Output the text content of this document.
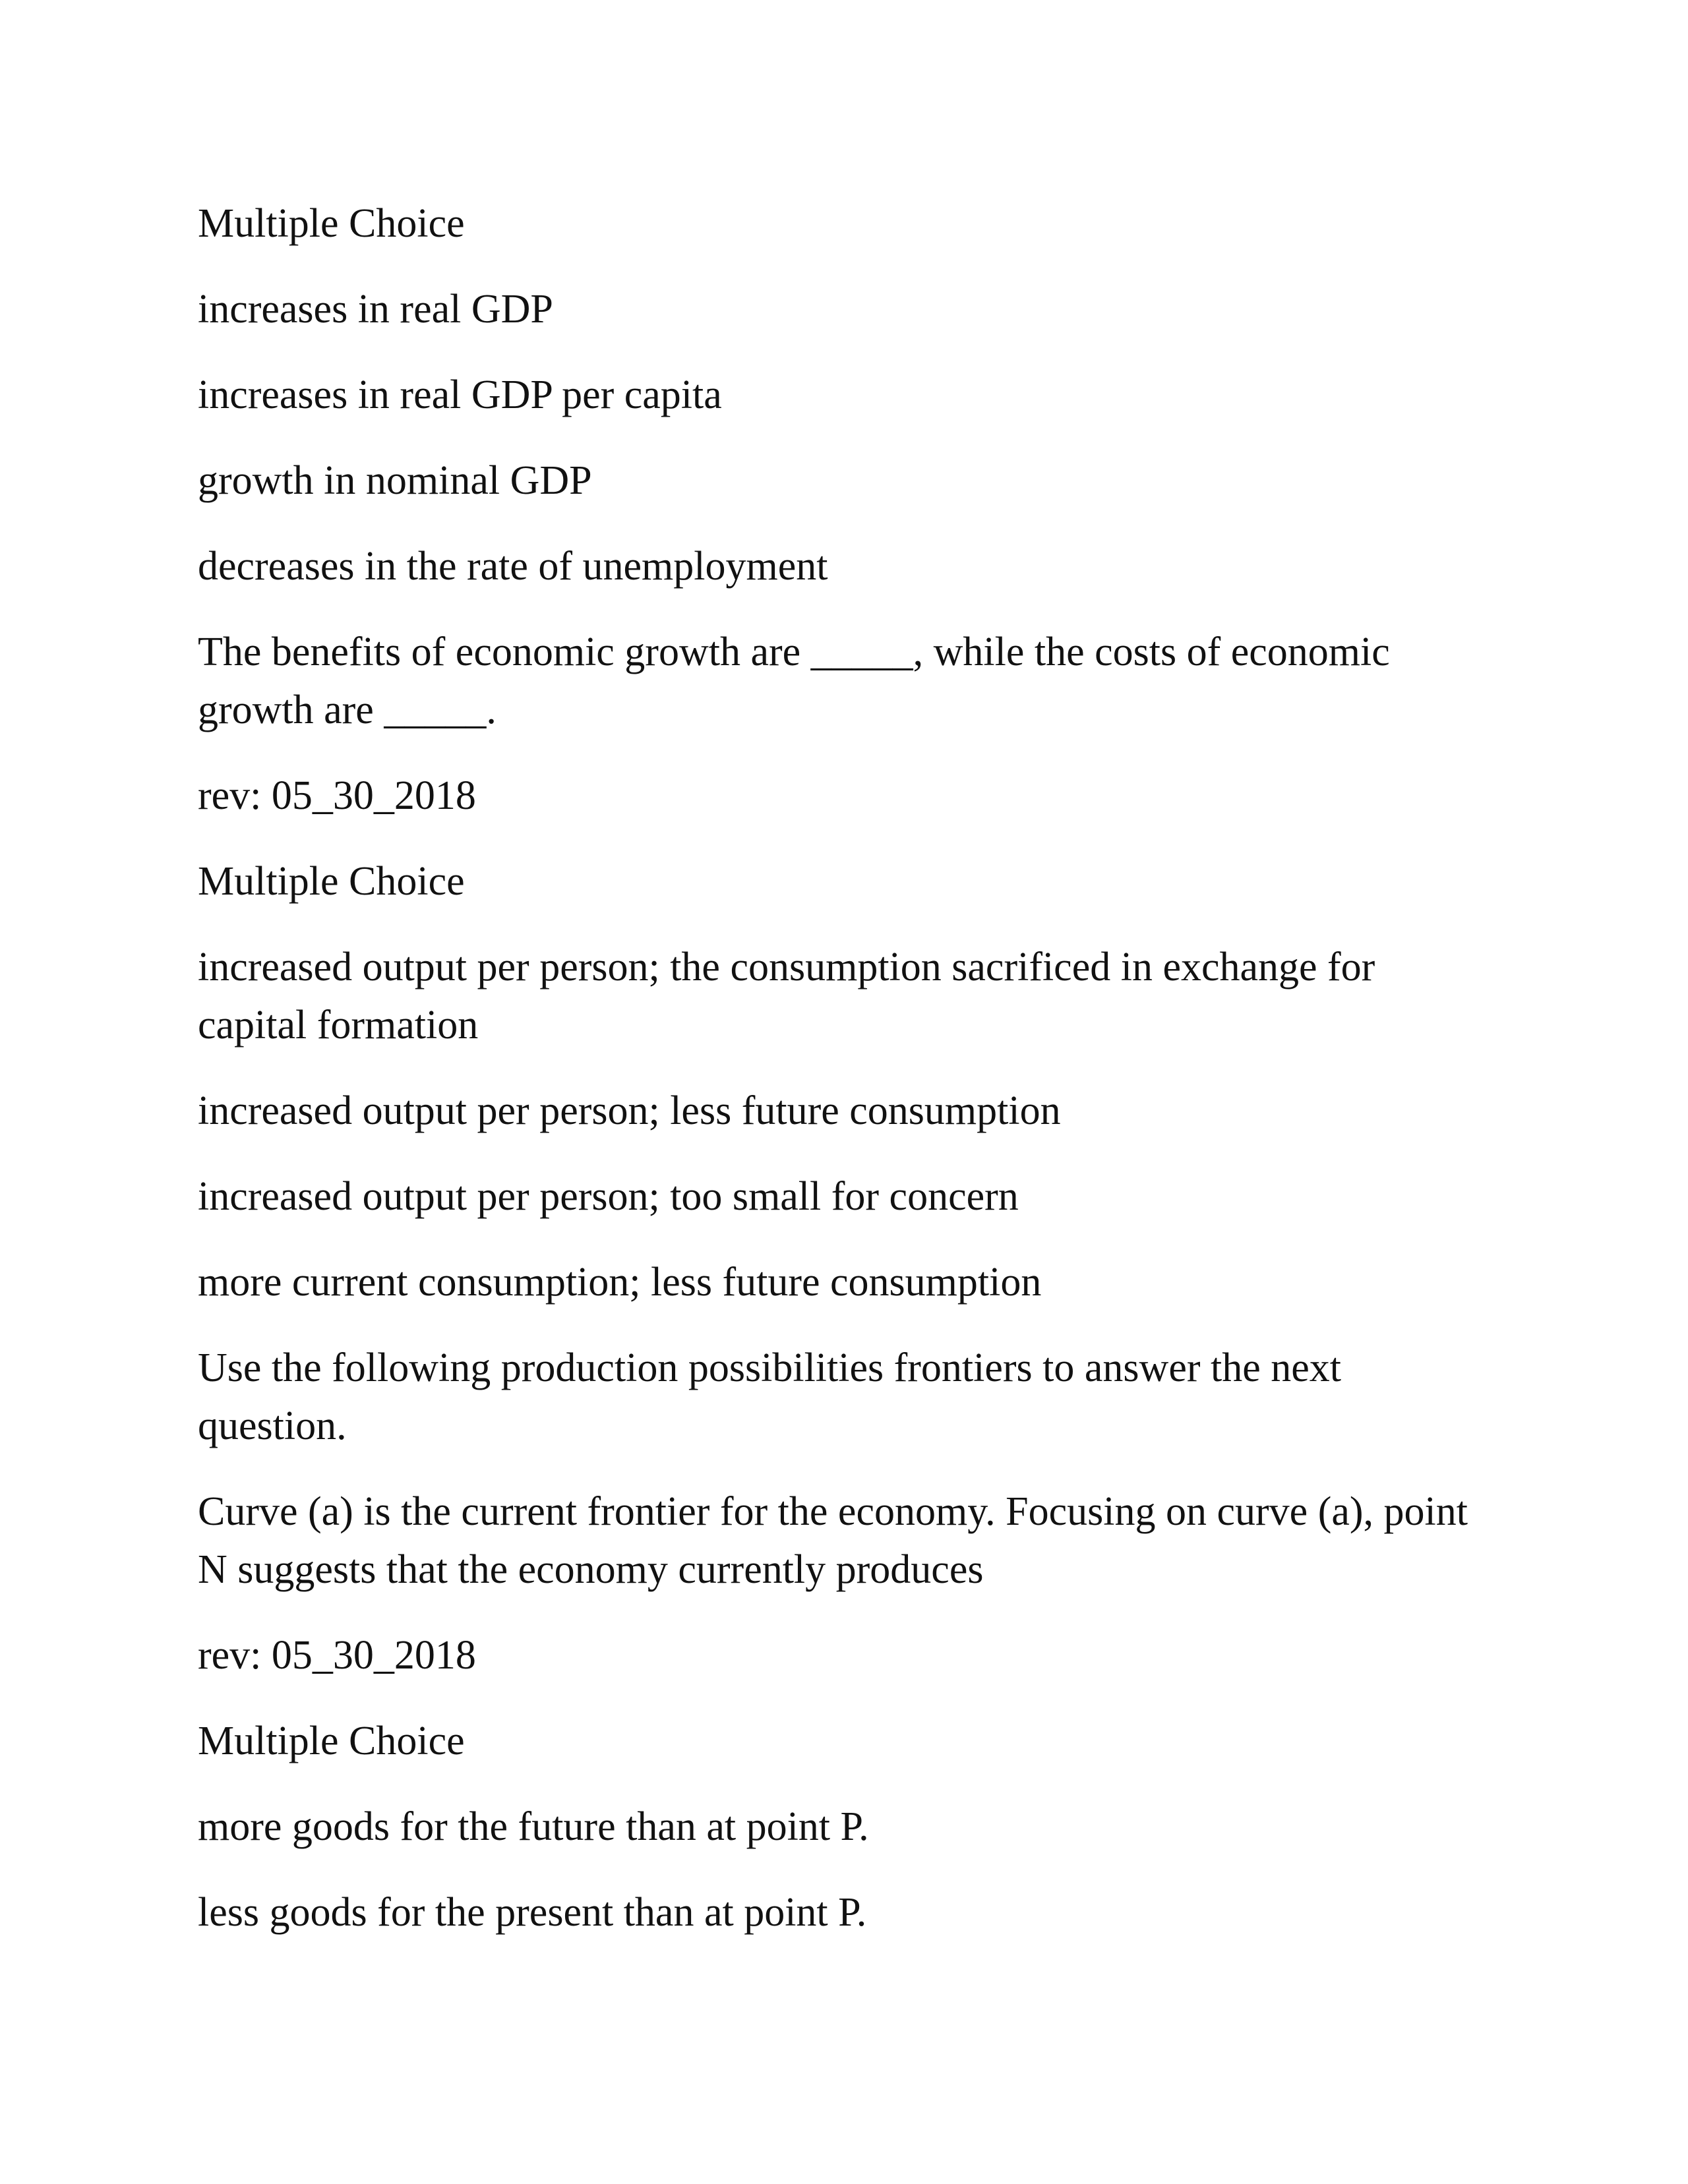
Multiple Choice

increases in real GDP

increases in real GDP per capita

growth in nominal GDP

decreases in the rate of unemployment

The benefits of economic growth are _____, while the costs of economic growth are _____.

rev: 05_30_2018

Multiple Choice

increased output per person; the consumption sacrificed in exchange for capital formation

increased output per person; less future consumption

increased output per person; too small for concern

more current consumption; less future consumption

Use the following production possibilities frontiers to answer the next question.

Curve (a) is the current frontier for the economy. Focusing on curve (a), point N suggests that the economy currently produces

rev: 05_30_2018

Multiple Choice

more goods for the future than at point P.

less goods for the present than at point P.
